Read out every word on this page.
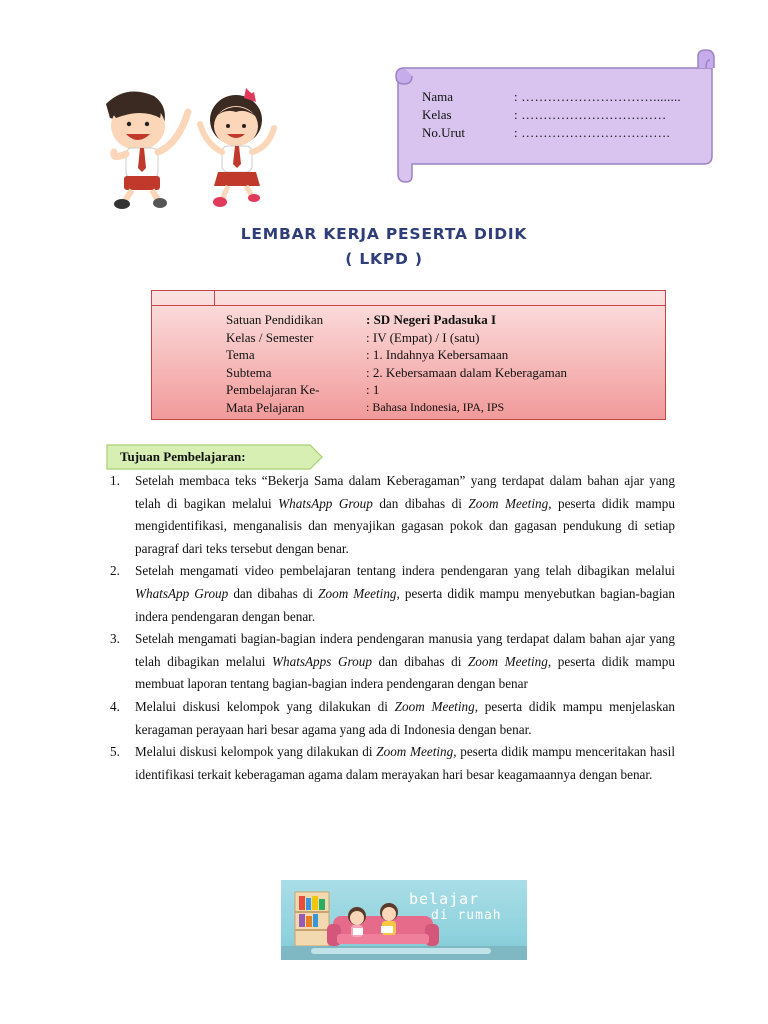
Nama	: …………………………........
Kelas	: ……………………………
No.Urut	: …………………………….
LEMBAR KERJA PESERTA DIDIK
( LKPD )
Satuan Pendidikan	: SD Negeri Padasuka I
Kelas / Semester	: IV (Empat) / I (satu)
Tema	: 1. Indahnya Kebersamaan
Subtema	: 2. Kebersamaan dalam Keberagaman
Pembelajaran Ke-	: 1
Mata Pelajaran	: Bahasa Indonesia, IPA, IPS
Tujuan Pembelajaran:
1. Setelah membaca teks “Bekerja Sama dalam Keberagaman” yang terdapat dalam bahan ajar yang telah di bagikan melalui WhatsApp Group dan dibahas di Zoom Meeting, peserta didik mampu mengidentifikasi, menganalisis dan menyajikan gagasan pokok dan gagasan pendukung di setiap paragraf dari teks tersebut dengan benar.
2. Setelah mengamati video pembelajaran tentang indera pendengaran yang telah dibagikan melalui WhatsApp Group dan dibahas di Zoom Meeting, peserta didik mampu menyebutkan bagian-bagian indera pendengaran dengan benar.
3. Setelah mengamati bagian-bagian indera pendengaran manusia yang terdapat dalam bahan ajar yang telah dibagikan melalui WhatsApps Group dan dibahas di Zoom Meeting, peserta didik mampu membuat laporan tentang bagian-bagian indera pendengaran dengan benar
4. Melalui diskusi kelompok yang dilakukan di Zoom Meeting, peserta didik mampu menjelaskan keragaman perayaan hari besar agama yang ada di Indonesia dengan benar.
5. Melalui diskusi kelompok yang dilakukan di Zoom Meeting, peserta didik mampu menceritakan hasil identifikasi terkait keberagaman agama dalam merayakan hari besar keagamaannya dengan benar.
belajar
di rumah
